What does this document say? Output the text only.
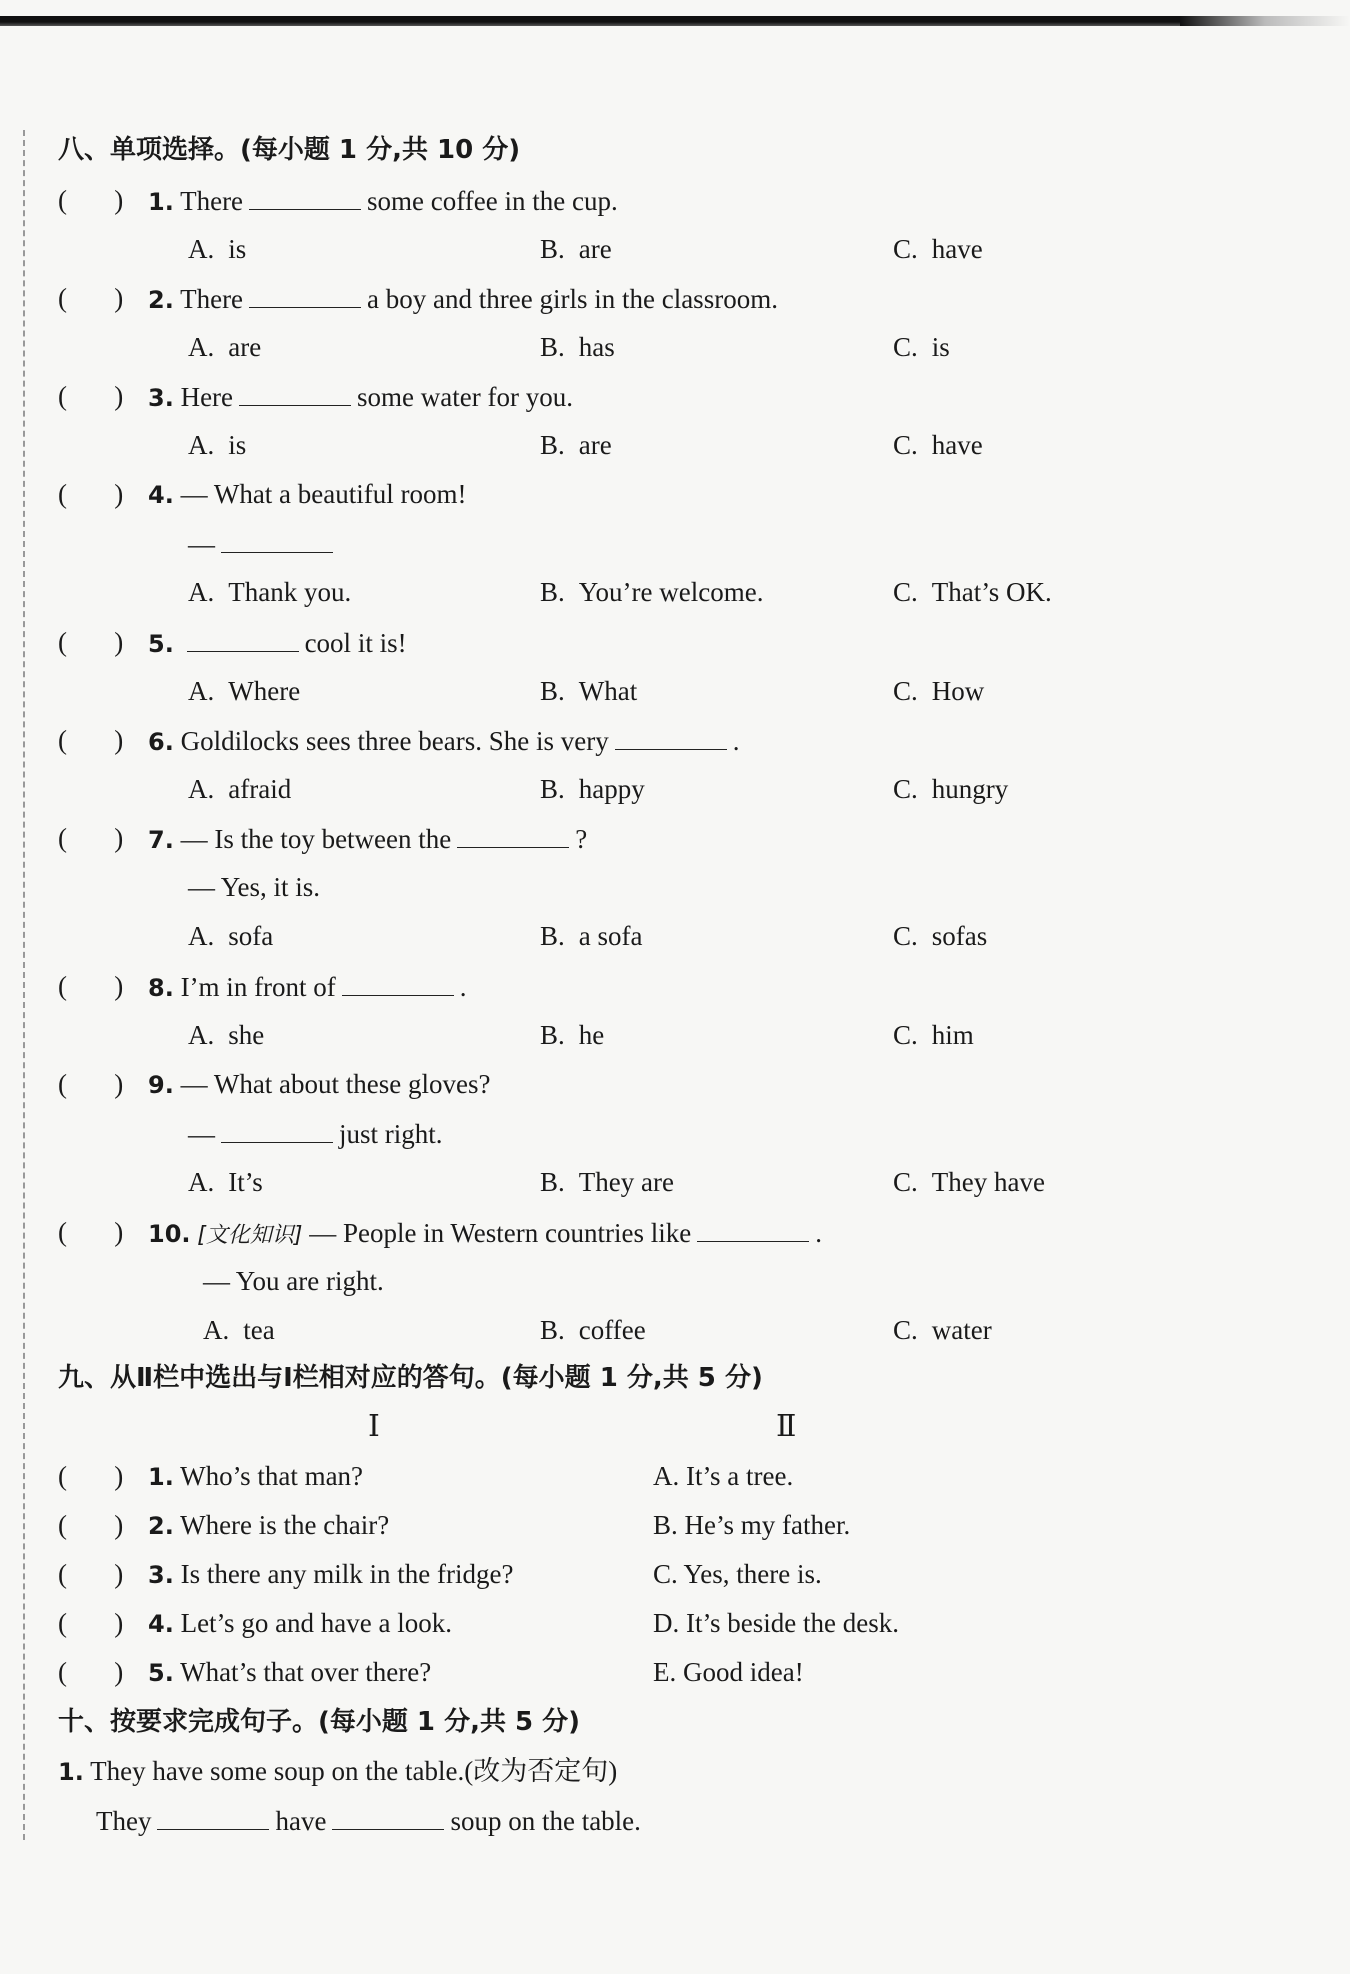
八、单项选择。(每小题 1 分,共 10 分)
(       ) 1. There	some coffee in the cup.
A. is	B. are	C. have
(       ) 2. There	a boy and three girls in the classroom.
A. are	B. has	C. is
(       ) 3. Here	some water for you.
A. is	B. are	C. have
(       ) 4. — What a beautiful room!
—
A. Thank you.	B. You’re welcome.	C. That’s OK.
(       ) 5.	cool it is!
A. Where	B. What	C. How
(       ) 6. Goldilocks sees three bears. She is very	.
A. afraid	B. happy	C. hungry
(       ) 7. — Is the toy between the	?
— Yes, it is.
A. sofa	B. a sofa	C. sofas
(       ) 8. I’m in front of	.
A. she	B. he	C. him
(       ) 9. — What about these gloves?
—	just right.
A. It’s	B. They are	C. They have
(       ) 10. [文化知识] — People in Western countries like	.
— You are right.
A. tea	B. coffee	C. water
九、从Ⅱ栏中选出与Ⅰ栏相对应的答句。(每小题 1 分,共 5 分)
Ⅰ	Ⅱ
(       ) 1. Who’s that man?	A. It’s a tree.
(       ) 2. Where is the chair?	B. He’s my father.
(       ) 3. Is there any milk in the fridge?	C. Yes, there is.
(       ) 4. Let’s go and have a look.	D. It’s beside the desk.
(       ) 5. What’s that over there?	E. Good idea!
十、按要求完成句子。(每小题 1 分,共 5 分)
1. They have some soup on the table.(改为否定句)
They	have	soup on the table.
